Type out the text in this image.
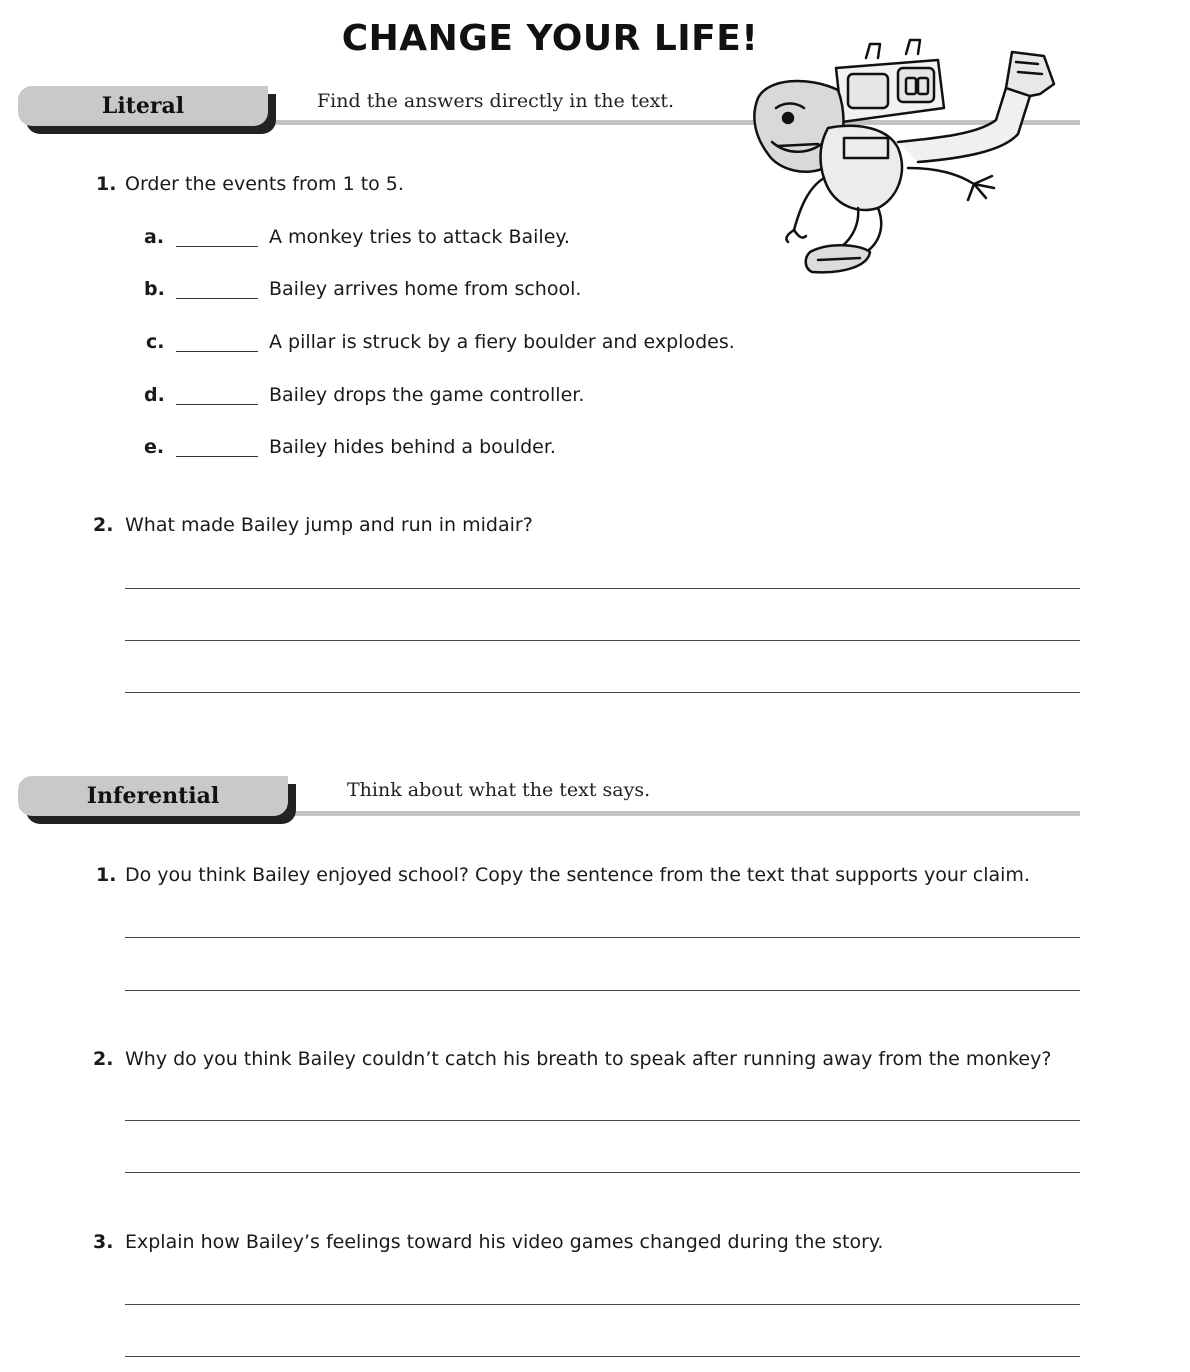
CHANGE YOUR LIFE!
Literal	Find the answers directly in the text.
1. Order the events from 1 to 5.
a.	A monkey tries to attack Bailey.
b.	Bailey arrives home from school.
c.	A pillar is struck by a fiery boulder and explodes.
d.	Bailey drops the game controller.
e.	Bailey hides behind a boulder.
2. What made Bailey jump and run in midair?
Inferential	Think about what the text says.
1. Do you think Bailey enjoyed school? Copy the sentence from the text that supports your claim.
2. Why do you think Bailey couldn’t catch his breath to speak after running away from the monkey?
3. Explain how Bailey’s feelings toward his video games changed during the story.
